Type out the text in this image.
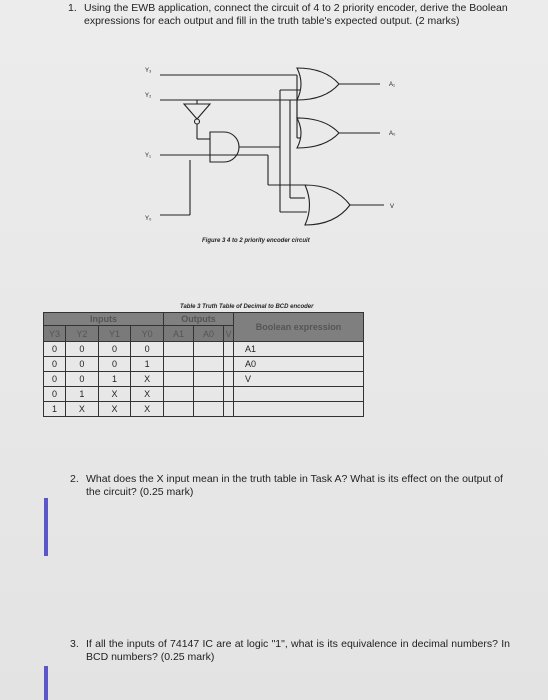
1. Using the EWB application, connect the circuit of 4 to 2 priority encoder, derive the Boolean expressions for each output and fill in the truth table's expected output. (2 marks)
Y₃
Y₂
Y₁
Y₀
A₁
A₀
V
Figure 3 4 to 2 priority encoder circuit
Table 3 Truth Table of Decimal to BCD encoder
Inputs				Outputs			Boolean expression
Y3	Y2	Y1	Y0	A1	A0	V	
0	0	0	0				A1
0	0	0	1				A0
0	0	1	X				V
0	1	X	X				
1	X	X	X				
2. What does the X input mean in the truth table in Task A? What is its effect on the output of the circuit? (0.25 mark)
3. If all the inputs of 74147 IC are at logic "1", what is its equivalence in decimal numbers? In BCD numbers? (0.25 mark)
